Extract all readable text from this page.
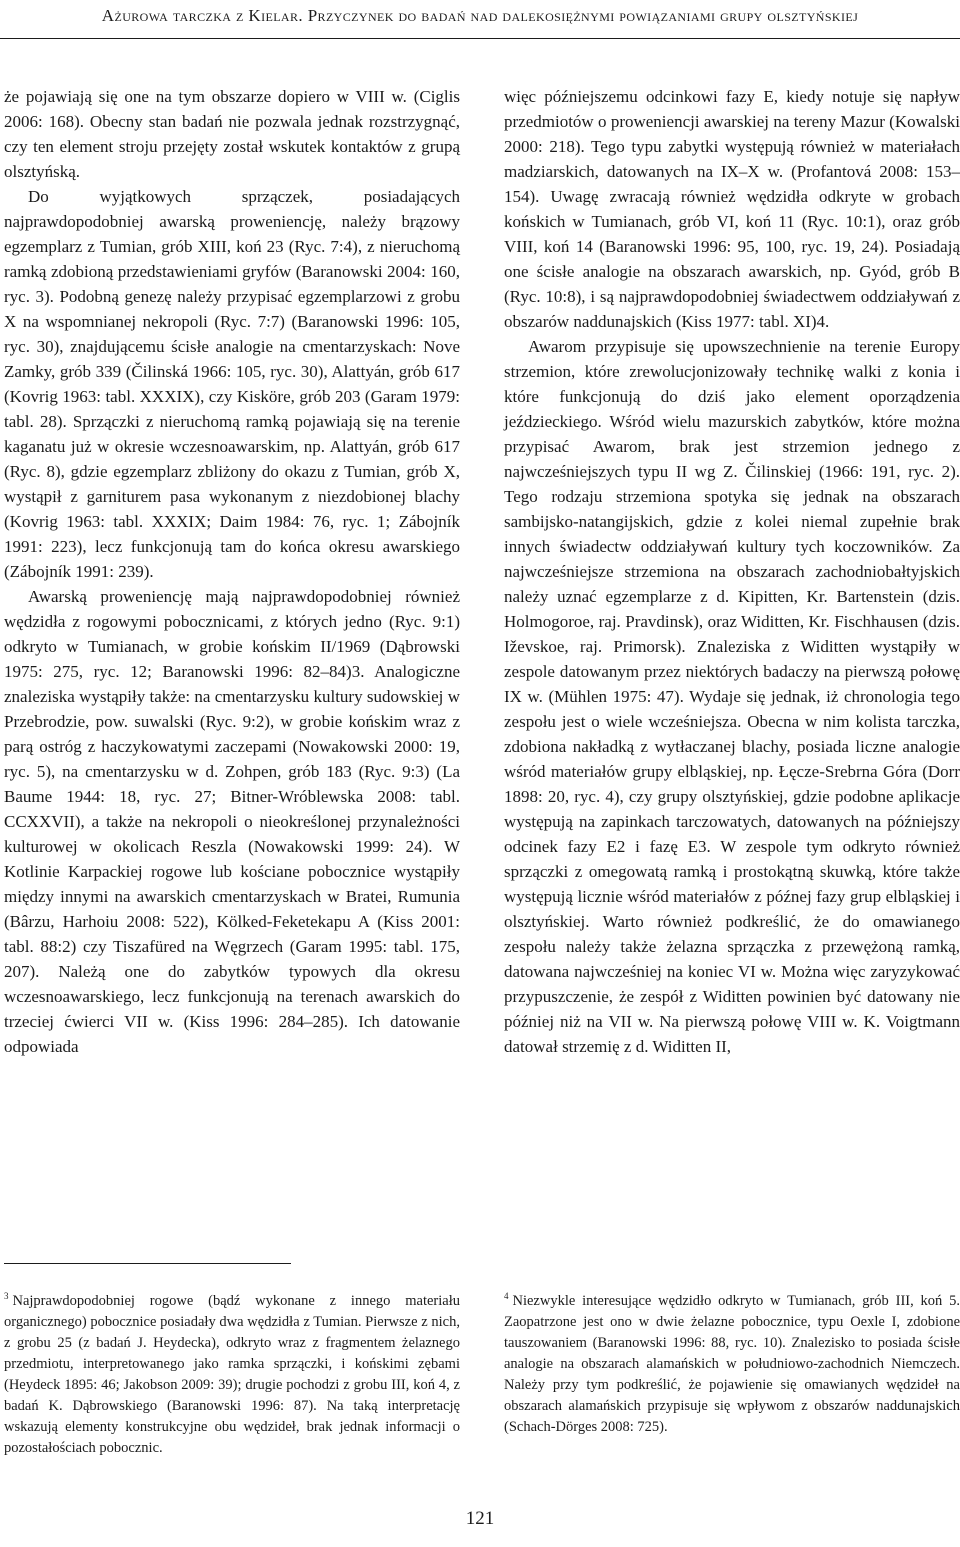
Ażurowa tarczka z Kielar. Przyczynek do badań nad dalekosiężnymi powiązaniami grupy olsztyńskiej

że pojawiają się one na tym obszarze dopiero w VIII w. (Ciglis 2006: 168). Obecny stan badań nie pozwala jednak rozstrzygnąć, czy ten element stroju przejęty został wskutek kontaktów z grupą olsztyńską.

Do wyjątkowych sprzączek, posiadających najprawdopodobniej awarską proweniencję, należy brązowy egzemplarz z Tumian, grób XIII, koń 23 (Ryc. 7:4), z nieruchomą ramką zdobioną przedstawieniami gryfów (Baranowski 2004: 160, ryc. 3). Podobną genezę należy przypisać egzemplarzowi z grobu X na wspomnianej nekropoli (Ryc. 7:7) (Baranowski 1996: 105, ryc. 30), znajdującemu ścisłe analogie na cmentarzyskach: Nove Zamky, grób 339 (Čilinská 1966: 105, ryc. 30), Alattyán, grób 617 (Kovrig 1963: tabl. XXXIX), czy Kisköre, grób 203 (Garam 1979: tabl. 28). Sprzączki z nieruchomą ramką pojawiają się na terenie kaganatu już w okresie wczesnoawarskim, np. Alattyán, grób 617 (Ryc. 8), gdzie egzemplarz zbliżony do okazu z Tumian, grób X, wystąpił z garniturem pasa wykonanym z niezdobionej blachy (Kovrig 1963: tabl. XXXIX; Daim 1984: 76, ryc. 1; Zábojník 1991: 223), lecz funkcjonują tam do końca okresu awarskiego (Zábojník 1991: 239).

Awarską proweniencję mają najprawdopodobniej również wędzidła z rogowymi pobocznicami, z których jedno (Ryc. 9:1) odkryto w Tumianach, w grobie końskim II/1969 (Dąbrowski 1975: 275, ryc. 12; Baranowski 1996: 82–84)3. Analogiczne znaleziska wystąpiły także: na cmentarzysku kultury sudowskiej w Przebrodzie, pow. suwalski (Ryc. 9:2), w grobie końskim wraz z parą ostróg z haczykowatymi zaczepami (Nowakowski 2000: 19, ryc. 5), na cmentarzysku w d. Zohpen, grób 183 (Ryc. 9:3) (La Baume 1944: 18, ryc. 27; Bitner-Wróblewska 2008: tabl. CCXXVII), a także na nekropoli o nieokreślonej przynależności kulturowej w okolicach Reszla (Nowakowski 1999: 24). W Kotlinie Karpackiej rogowe lub kościane pobocznice wystąpiły między innymi na awarskich cmentarzyskach w Bratei, Rumunia (Bârzu, Harhoiu 2008: 522), Kölked-Feketekapu A (Kiss 2001: tabl. 88:2) czy Tiszafüred na Węgrzech (Garam 1995: tabl. 175, 207). Należą one do zabytków typowych dla okresu wczesnoawarskiego, lecz funkcjonują na terenach awarskich do trzeciej ćwierci VII w. (Kiss 1996: 284–285). Ich datowanie odpowiada

więc późniejszemu odcinkowi fazy E, kiedy notuje się napływ przedmiotów o proweniencji awarskiej na tereny Mazur (Kowalski 2000: 218). Tego typu zabytki występują również w materiałach madziarskich, datowanych na IX–X w. (Profantová 2008: 153–154). Uwagę zwracają również wędzidła odkryte w grobach końskich w Tumianach, grób VI, koń 11 (Ryc. 10:1), oraz grób VIII, koń 14 (Baranowski 1996: 95, 100, ryc. 19, 24). Posiadają one ścisłe analogie na obszarach awarskich, np. Gyód, grób B (Ryc. 10:8), i są najprawdopodobniej świadectwem oddziaływań z obszarów naddunajskich (Kiss 1977: tabl. XI)4.

Awarom przypisuje się upowszechnienie na terenie Europy strzemion, które zrewolucjonizowały technikę walki z konia i które funkcjonują do dziś jako element oporządzenia jeździeckiego. Wśród wielu mazurskich zabytków, które można przypisać Awarom, brak jest strzemion jednego z najwcześniejszych typu II wg Z. Čilinskiej (1966: 191, ryc. 2). Tego rodzaju strzemiona spotyka się jednak na obszarach sambijsko-natangijskich, gdzie z kolei niemal zupełnie brak innych świadectw oddziaływań kultury tych koczowników. Za najwcześniejsze strzemiona na obszarach zachodniobałtyjskich należy uznać egzemplarze z d. Kipitten, Kr. Bartenstein (dzis. Holmogoroe, raj. Pravdinsk), oraz Widitten, Kr. Fischhausen (dzis. Iževskoe, raj. Primorsk). Znaleziska z Widitten wystąpiły w zespole datowanym przez niektórych badaczy na pierwszą połowę IX w. (Mühlen 1975: 47). Wydaje się jednak, iż chronologia tego zespołu jest o wiele wcześniejsza. Obecna w nim kolista tarczka, zdobiona nakładką z wytłaczanej blachy, posiada liczne analogie wśród materiałów grupy elbląskiej, np. Łęcze-Srebrna Góra (Dorr 1898: 20, ryc. 4), czy grupy olsztyńskiej, gdzie podobne aplikacje występują na zapinkach tarczowatych, datowanych na późniejszy odcinek fazy E2 i fazę E3. W zespole tym odkryto również sprzączki z omegowatą ramką i prostokątną skuwką, które także występują licznie wśród materiałów z późnej fazy grup elbląskiej i olsztyńskiej. Warto również podkreślić, że do omawianego zespołu należy także żelazna sprzączka z przewężoną ramką, datowana najwcześniej na koniec VI w. Można więc zaryzykować przypuszczenie, że zespół z Widitten powinien być datowany nie później niż na VII w. Na pierwszą połowę VIII w. K. Voigtmann datował strzemię z d. Widitten II,

$^3$ Najprawdopodobniej rogowe (bądź wykonane z innego materiału organicznego) pobocznice posiadały dwa wędzidła z Tumian. Pierwsze z nich, z grobu 25 (z badań J. Heydecka), odkryto wraz z fragmentem żelaznego przedmiotu, interpretowanego jako ramka sprzączki, i końskimi zębami (Heydeck 1895: 46; Jakobson 2009: 39); drugie pochodzi z grobu III, koń 4, z badań K. Dąbrowskiego (Baranowski 1996: 87). Na taką interpretację wskazują elementy konstrukcyjne obu wędzideł, brak jednak informacji o pozostałościach pobocznic.
$^4$ Niezwykle interesujące wędzidło odkryto w Tumianach, grób III, koń 5. Zaopatrzone jest ono w dwie żelazne pobocznice, typu Oexle I, zdobione tauszowaniem (Baranowski 1996: 88, ryc. 10). Znalezisko to posiada ścisłe analogie na obszarach alamańskich w południowo-zachodnich Niemczech. Należy przy tym podkreślić, że pojawienie się omawianych wędzideł na obszarach alamańskich przypisuje się wpływom z obszarów naddunajskich (Schach-Dörges 2008: 725).
121
